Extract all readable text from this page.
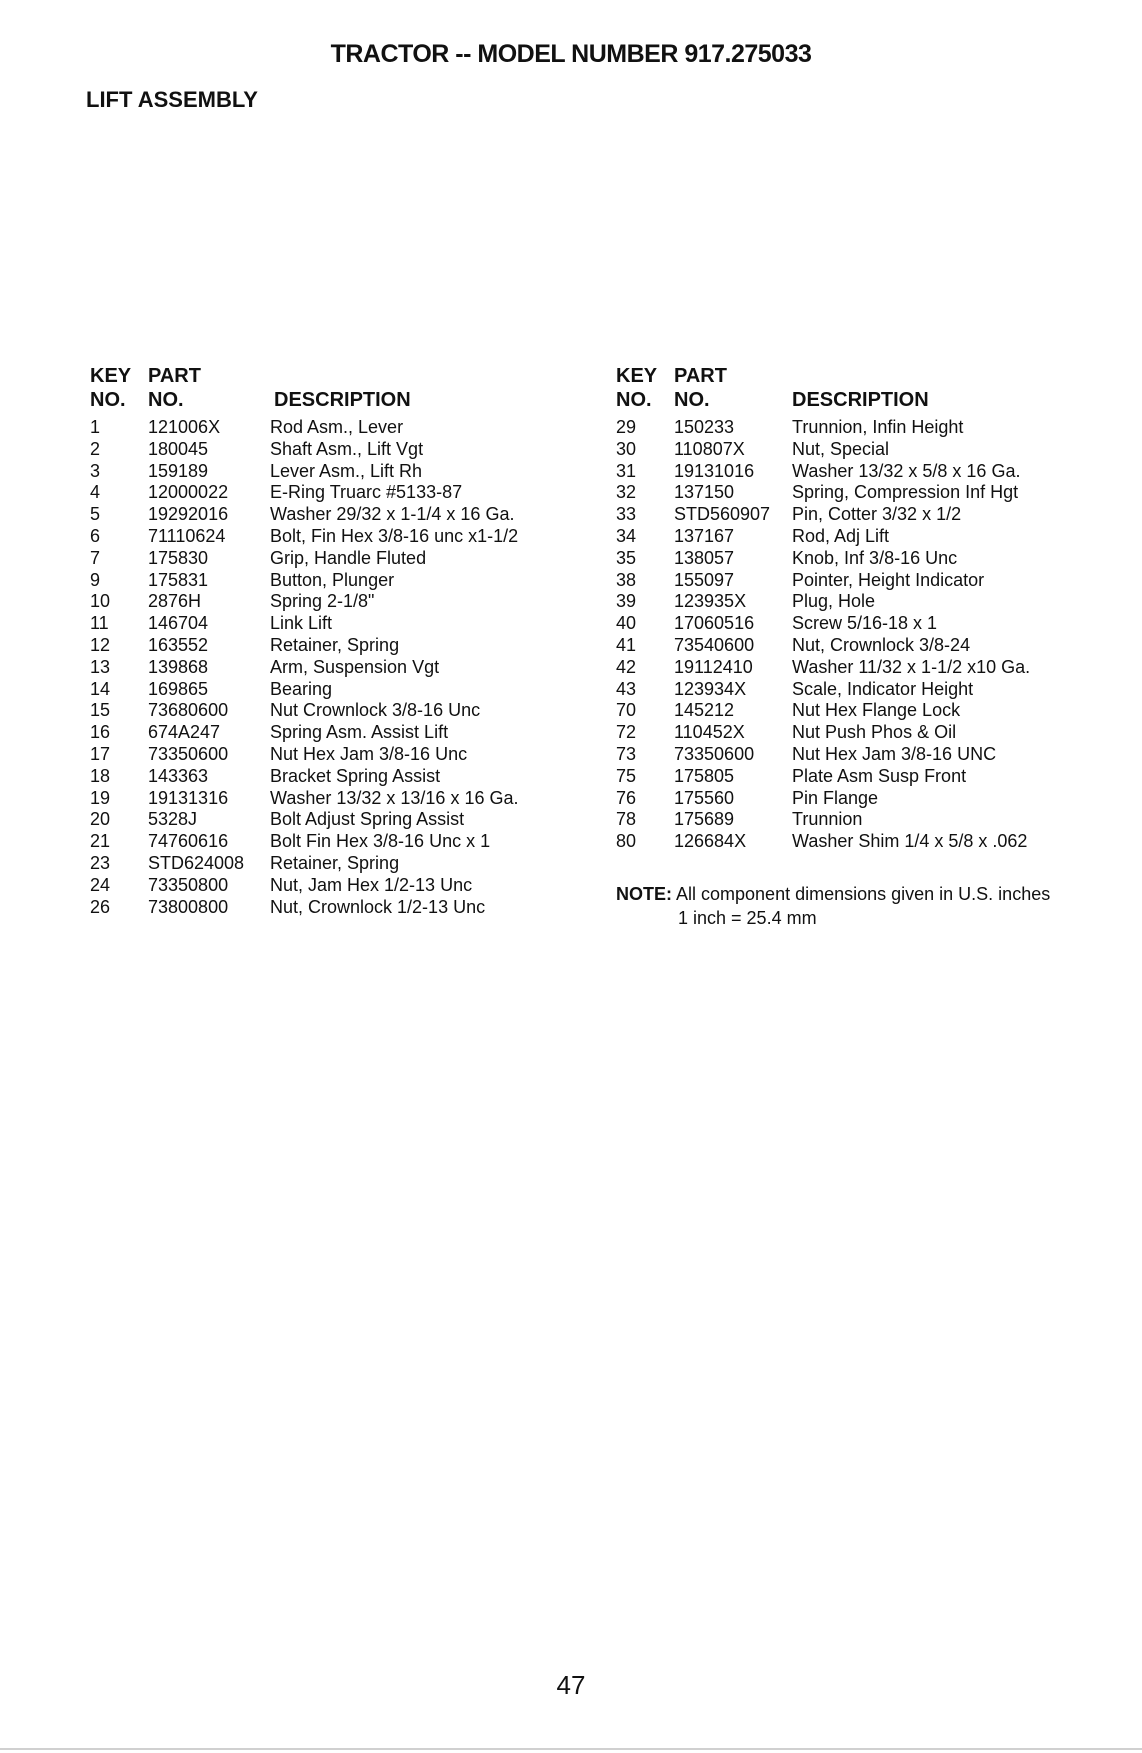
TRACTOR -- MODEL NUMBER 917.275033
LIFT ASSEMBLY
KEY PART
NO. NO.	DESCRIPTION
1	121006X	Rod Asm., Lever
2	180045	Shaft Asm., Lift Vgt
3	159189	Lever Asm., Lift Rh
4	12000022 E-Ring Truarc #5133-87
5	19292016 Washer 29/32 x 1-1/4 x 16 Ga.
6	71110624 Bolt, Fin Hex 3/8-16 unc x1-1/2
7	175830	Grip, Handle Fluted
9	175831	Button, Plunger
10 2876H	Spring 2-1/8"
11 146704	Link Lift
12 163552	Retainer, Spring
13 139868	Arm, Suspension Vgt
14 169865	Bearing
15 73680600 Nut Crownlock 3/8-16 Unc
16 674A247	Spring Asm. Assist Lift
17 73350600 Nut Hex Jam 3/8-16 Unc
18 143363	Bracket Spring Assist
19 19131316 Washer 13/32 x 13/16 x 16 Ga.
20 5328J	Bolt Adjust Spring Assist
21 74760616 Bolt Fin Hex 3/8-16 Unc x 1
23 STD624008 Retainer, Spring
24 73350800 Nut, Jam Hex 1/2-13 Unc
26 73800800 Nut, Crownlock 1/2-13 Unc
KEY PART
NO. NO.	DESCRIPTION
29 150233	Trunnion, Infin Height
30 110807X	Nut, Special
31 19131016 Washer 13/32 x 5/8 x 16 Ga.
32 137150	Spring, Compression Inf Hgt
33 STD560907 Pin, Cotter 3/32 x 1/2
34 137167	Rod, Adj Lift
35 138057	Knob, Inf 3/8-16 Unc
38 155097	Pointer, Height Indicator
39 123935X	Plug, Hole
40 17060516 Screw 5/16-18 x 1
41 73540600 Nut, Crownlock 3/8-24
42 19112410 Washer 11/32 x 1-1/2 x10 Ga.
43 123934X	Scale, Indicator Height
70 145212	Nut Hex Flange Lock
72 110452X	Nut Push Phos & Oil
73 73350600 Nut Hex Jam 3/8-16 UNC
75 175805	Plate Asm Susp Front
76 175560	Pin Flange
78 175689	Trunnion
80 126684X	Washer Shim 1/4 x 5/8 x .062
NOTE: All component dimensions given in U.S. inches
1 inch = 25.4 mm
47
